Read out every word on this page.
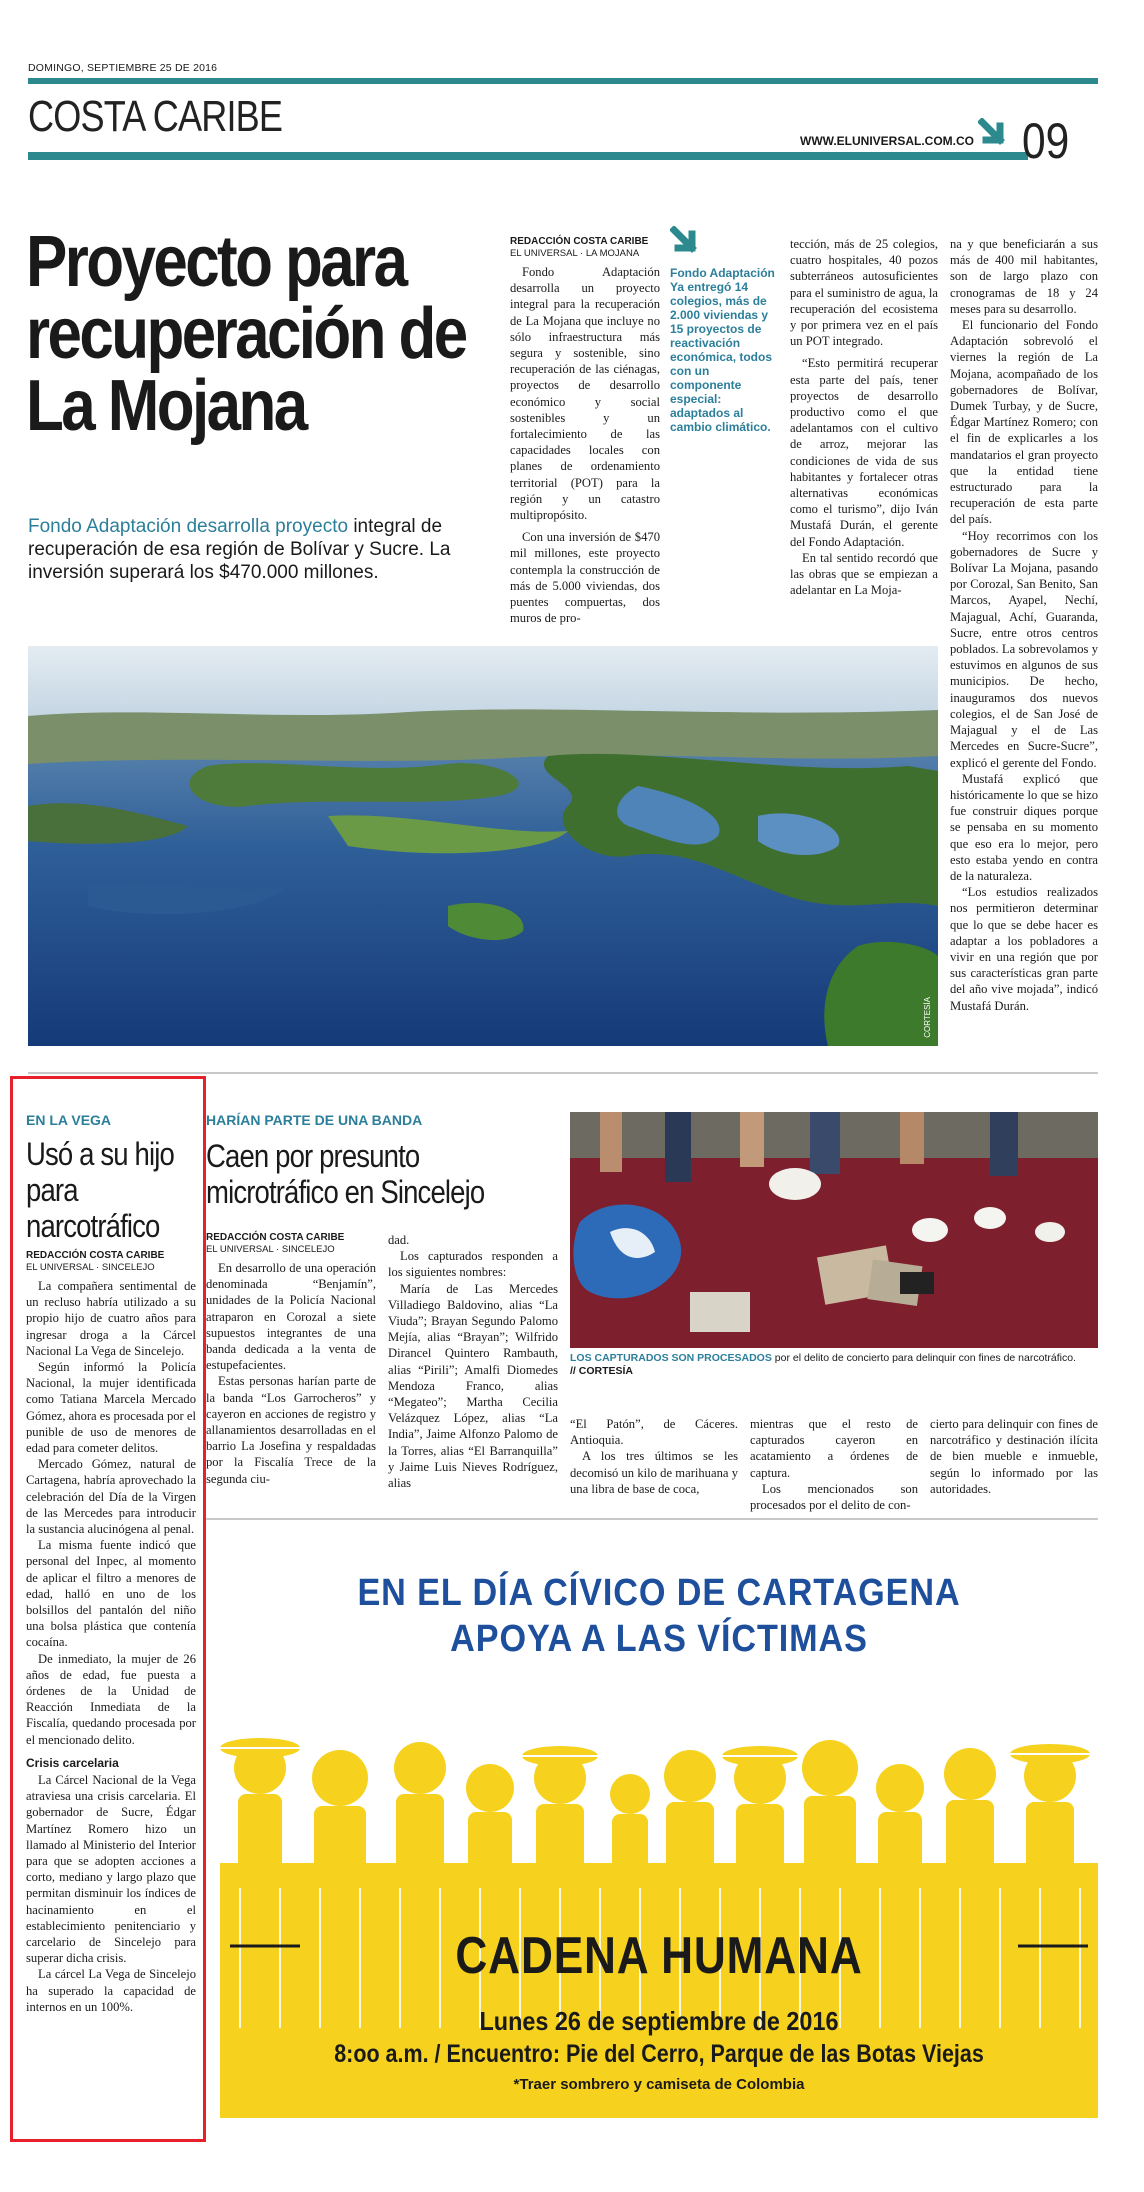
DOMINGO, SEPTIEMBRE 25 DE 2016
COSTA CARIBE	WWW.ELUNIVERSAL.COM.CO 09
Proyecto para recuperación de La Mojana
Fondo Adaptación desarrolla proyecto integral de recuperación de esa región de Bolívar y Sucre. La inversión superará los $470.000 millones.
REDACCIÓN COSTA CARIBE
EL UNIVERSAL · LA MOJANA

Fondo Adaptación desarrolla un proyecto integral para la recuperación de La Mojana que incluye no sólo infraestructura más segura y sostenible, sino recuperación de las ciénagas, proyectos de desarrollo económico y social sostenibles y un fortalecimiento de las capacidades locales con planes de ordenamiento territorial (POT) para la región y un catastro multipropósito.

Con una inversión de $470 mil millones, este proyecto contempla la construcción de más de 5.000 viviendas, dos puentes compuertas, dos muros de pro-

Fondo Adaptación Ya entregó 14 colegios, más de 2.000 viviendas y 15 proyectos de reactivación económica, todos con un componente especial: adaptados al cambio climático.

tección, más de 25 colegios, cuatro hospitales, 40 pozos subterráneos autosuficientes para el suministro de agua, la recuperación del ecosistema y por primera vez en el país un POT integrado.

“Esto permitirá recuperar esta parte del país, tener proyectos de desarrollo productivo como el que adelantamos con el cultivo de arroz, mejorar las condiciones de vida de sus habitantes y fortalecer otras alternativas económicas como el turismo”, dijo Iván Mustafá Durán, el gerente del Fondo Adaptación.

En tal sentido recordó que las obras que se empiezan a adelantar en La Moja-

na y que beneficiarán a sus más de 400 mil habitantes, son de largo plazo con cronogramas de 18 y 24 meses para su desarrollo.

El funcionario del Fondo Adaptación sobrevoló el viernes la región de La Mojana, acompañado de los gobernadores de Bolívar, Dumek Turbay, y de Sucre, Édgar Martínez Romero; con el fin de explicarles a los mandatarios el gran proyecto que la entidad tiene estructurado para la recuperación de esta parte del país.

“Hoy recorrimos con los gobernadores de Sucre y Bolívar La Mojana, pasando por Corozal, San Benito, San Marcos, Ayapel, Nechí, Majagual, Achí, Guaranda, Sucre, entre otros centros poblados. La sobrevolamos y estuvimos en algunos de sus municipios. De hecho, inauguramos dos nuevos colegios, el de San José de Majagual y el de Las Mercedes en Sucre-Sucre”, explicó el gerente del Fondo.

Mustafá explicó que históricamente lo que se hizo fue construir diques porque se pensaba en su momento que eso era lo mejor, pero esto estaba yendo en contra de la naturaleza.

“Los estudios realizados nos permitieron determinar que lo que se debe hacer es adaptar a los pobladores a vivir en una región que por sus características gran parte del año vive mojada”, indicó Mustafá Durán.

CORTESÍA
EN LA VEGA
Usó a su hijo para narcotráfico
REDACCIÓN COSTA CARIBE
EL UNIVERSAL · SINCELEJO

La compañera sentimental de un recluso habría utilizado a su propio hijo de cuatro años para ingresar droga a la Cárcel Nacional La Vega de Sincelejo.

Según informó la Policía Nacional, la mujer identificada como Tatiana Marcela Mercado Gómez, ahora es procesada por el punible de uso de menores de edad para cometer delitos.

Mercado Gómez, natural de Cartagena, habría aprovechado la celebración del Día de la Virgen de las Mercedes para introducir la sustancia alucinógena al penal.

La misma fuente indicó que personal del Inpec, al momento de aplicar el filtro a menores de edad, halló en uno de los bolsillos del pantalón del niño una bolsa plástica que contenía cocaína.

De inmediato, la mujer de 26 años de edad, fue puesta a órdenes de la Unidad de Reacción Inmediata de la Fiscalía, quedando procesada por el mencionado delito.

Crisis carcelaria

La Cárcel Nacional de la Vega atraviesa una crisis carcelaria. El gobernador de Sucre, Édgar Martínez Romero hizo un llamado al Ministerio del Interior para que se adopten acciones a corto, mediano y largo plazo que permitan disminuir los índices de hacinamiento en el establecimiento penitenciario y carcelario de Sincelejo para superar dicha crisis.

La cárcel La Vega de Sincelejo ha superado la capacidad de internos en un 100%.

HARÍAN PARTE DE UNA BANDA
Caen por presunto microtráfico en Sincelejo
REDACCIÓN COSTA CARIBE
EL UNIVERSAL · SINCELEJO

En desarrollo de una operación denominada “Benjamín”, unidades de la Policía Nacional atraparon en Corozal a siete supuestos integrantes de una banda dedicada a la venta de estupefacientes.

Estas personas harían parte de la banda “Los Garrocheros” y cayeron en acciones de registro y allanamientos desarrolladas en el barrio La Josefina y respaldadas por la Fiscalía Trece de la segunda ciu-

dad.

Los capturados responden a los siguientes nombres:

María de Las Mercedes Villadiego Baldovino, alias “La Viuda”; Brayan Segundo Palomo Mejía, alias “Brayan”; Wilfrido Dirancel Quintero Rambauth, alias “Pirili”; Amalfi Diomedes Mendoza Franco, alias “Megateo”; Martha Cecilia Velázquez López, alias “La India”, Jaime Alfonzo Palomo de la Torres, alias “El Barranquilla” y Jaime Luis Nieves Rodríguez, alias

LOS CAPTURADOS SON PROCESADOS por el delito de concierto para delinquir con fines de narcotráfico.
// CORTESÍA

“El Patón”, de Cáceres. Antioquia.

A los tres últimos se les decomisó un kilo de marihuana y una libra de base de coca,

mientras que el resto de capturados cayeron en acatamiento a órdenes de captura.

Los mencionados son procesados por el delito de con-

cierto para delinquir con fines de narcotráfico y destinación ilícita de bien mueble e inmueble, según lo informado por las autoridades.

EN EL DÍA CÍVICO DE CARTAGENA
APOYA A LAS VÍCTIMAS
CADENA HUMANA
Lunes 26 de septiembre de 2016
8:oo a.m. / Encuentro: Pie del Cerro, Parque de las Botas Viejas
*Traer sombrero y camiseta de Colombia
